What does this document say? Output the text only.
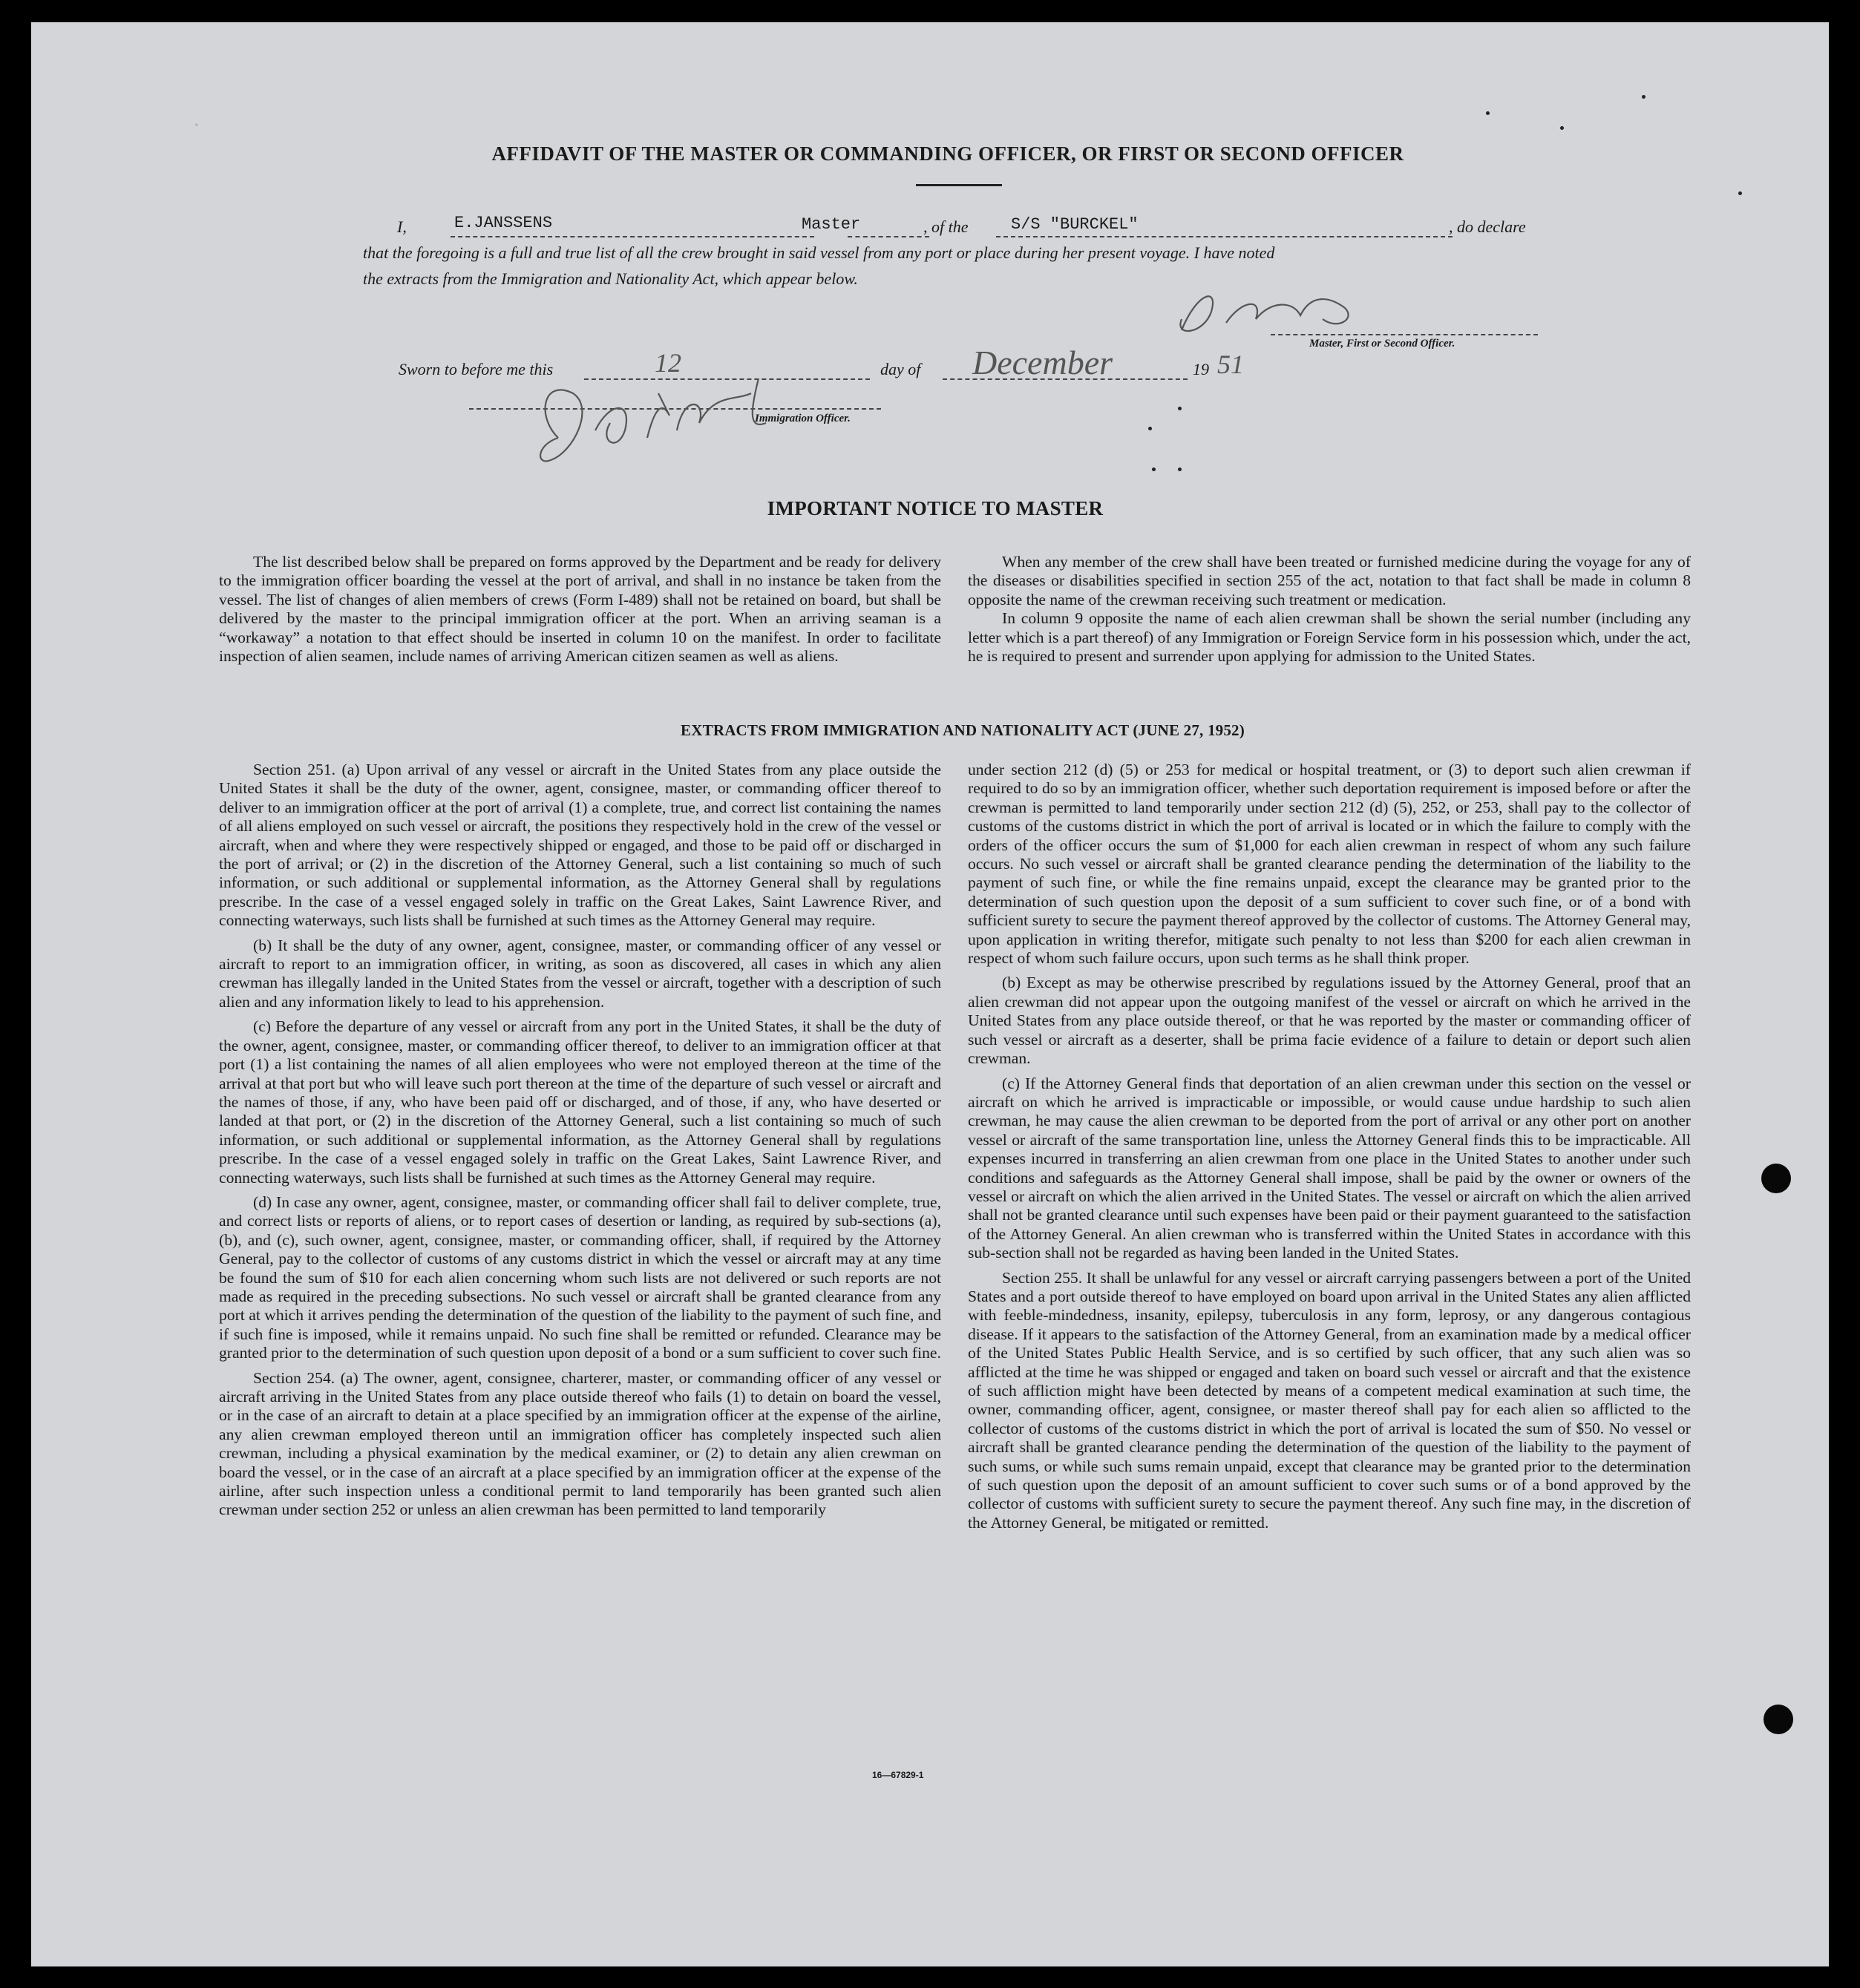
.
AFFIDAVIT OF THE MASTER OR COMMANDING OFFICER, OR FIRST OR SECOND OFFICER
I,	E.JANSSENS	Master	, of the	S/S "BURCKEL"	, do declare
that the foregoing is a full and true list of all the crew brought in said vessel from any port or place during her present voyage. I have noted
the extracts from the Immigration and Nationality Act, which appear below.
Master, First or Second Officer.
Sworn to before me this	12	day of December	19 51
Immigration Officer.
IMPORTANT NOTICE TO MASTER

The list described below shall be prepared on forms approved by the Department and be ready for delivery to the immigration officer boarding the vessel at the port of arrival, and shall in no instance be taken from the vessel. The list of changes of alien members of crews (Form I-489) shall not be retained on board, but shall be delivered by the master to the principal immigration officer at the port. When an arriving seaman is a “workaway” a notation to that effect should be inserted in column 10 on the manifest. In order to facilitate inspection of alien seamen, include names of arriving American citizen seamen as well as aliens.

When any member of the crew shall have been treated or furnished medicine during the voyage for any of the diseases or disabilities specified in section 255 of the act, notation to that fact shall be made in column 8 opposite the name of the crewman receiving such treatment or medication.

In column 9 opposite the name of each alien crewman shall be shown the serial number (including any letter which is a part thereof) of any Immigration or Foreign Service form in his possession which, under the act, he is required to present and surrender upon applying for admission to the United States.

EXTRACTS FROM IMMIGRATION AND NATIONALITY ACT (JUNE 27, 1952)

Section 251. (a) Upon arrival of any vessel or aircraft in the United States from any place outside the United States it shall be the duty of the owner, agent, consignee, master, or commanding officer thereof to deliver to an immigration officer at the port of arrival (1) a complete, true, and correct list containing the names of all aliens employed on such vessel or aircraft, the positions they respectively hold in the crew of the vessel or aircraft, when and where they were respectively shipped or engaged, and those to be paid off or discharged in the port of arrival; or (2) in the discretion of the Attorney General, such a list containing so much of such information, or such additional or supplemental information, as the Attorney General shall by regulations prescribe. In the case of a vessel engaged solely in traffic on the Great Lakes, Saint Lawrence River, and connecting waterways, such lists shall be furnished at such times as the Attorney General may require.

(b) It shall be the duty of any owner, agent, consignee, master, or commanding officer of any vessel or aircraft to report to an immigration officer, in writing, as soon as discovered, all cases in which any alien crewman has illegally landed in the United States from the vessel or aircraft, together with a description of such alien and any information likely to lead to his apprehension.

(c) Before the departure of any vessel or aircraft from any port in the United States, it shall be the duty of the owner, agent, consignee, master, or commanding officer thereof, to deliver to an immigration officer at that port (1) a list containing the names of all alien employees who were not employed thereon at the time of the arrival at that port but who will leave such port thereon at the time of the departure of such vessel or aircraft and the names of those, if any, who have been paid off or discharged, and of those, if any, who have deserted or landed at that port, or (2) in the discretion of the Attorney General, such a list containing so much of such information, or such additional or supplemental information, as the Attorney General shall by regulations prescribe. In the case of a vessel engaged solely in traffic on the Great Lakes, Saint Lawrence River, and connecting waterways, such lists shall be furnished at such times as the Attorney General may require.

(d) In case any owner, agent, consignee, master, or commanding officer shall fail to deliver complete, true, and correct lists or reports of aliens, or to report cases of desertion or landing, as required by sub-sections (a), (b), and (c), such owner, agent, consignee, master, or commanding officer, shall, if required by the Attorney General, pay to the collector of customs of any customs district in which the vessel or aircraft may at any time be found the sum of $10 for each alien concerning whom such lists are not delivered or such reports are not made as required in the preceding subsections. No such vessel or aircraft shall be granted clearance from any port at which it arrives pending the determination of the question of the liability to the payment of such fine, and if such fine is imposed, while it remains unpaid. No such fine shall be remitted or refunded. Clearance may be granted prior to the determination of such question upon deposit of a bond or a sum sufficient to cover such fine.

Section 254. (a) The owner, agent, consignee, charterer, master, or commanding officer of any vessel or aircraft arriving in the United States from any place outside thereof who fails (1) to detain on board the vessel, or in the case of an aircraft to detain at a place specified by an immigration officer at the expense of the airline, any alien crewman employed thereon until an immigration officer has completely inspected such alien crewman, including a physical examination by the medical examiner, or (2) to detain any alien crewman on board the vessel, or in the case of an aircraft at a place specified by an immigration officer at the expense of the airline, after such inspection unless a conditional permit to land temporarily has been granted such alien crewman under section 252 or unless an alien crewman has been permitted to land temporarily

under section 212 (d) (5) or 253 for medical or hospital treatment, or (3) to deport such alien crewman if required to do so by an immigration officer, whether such deportation requirement is imposed before or after the crewman is permitted to land temporarily under section 212 (d) (5), 252, or 253, shall pay to the collector of customs of the customs district in which the port of arrival is located or in which the failure to comply with the orders of the officer occurs the sum of $1,000 for each alien crewman in respect of whom any such failure occurs. No such vessel or aircraft shall be granted clearance pending the determination of the liability to the payment of such fine, or while the fine remains unpaid, except the clearance may be granted prior to the determination of such question upon the deposit of a sum sufficient to cover such fine, or of a bond with sufficient surety to secure the payment thereof approved by the collector of customs. The Attorney General may, upon application in writing therefor, mitigate such penalty to not less than $200 for each alien crewman in respect of whom such failure occurs, upon such terms as he shall think proper.

(b) Except as may be otherwise prescribed by regulations issued by the Attorney General, proof that an alien crewman did not appear upon the outgoing manifest of the vessel or aircraft on which he arrived in the United States from any place outside thereof, or that he was reported by the master or commanding officer of such vessel or aircraft as a deserter, shall be prima facie evidence of a failure to detain or deport such alien crewman.

(c) If the Attorney General finds that deportation of an alien crewman under this section on the vessel or aircraft on which he arrived is impracticable or impossible, or would cause undue hardship to such alien crewman, he may cause the alien crewman to be deported from the port of arrival or any other port on another vessel or aircraft of the same transportation line, unless the Attorney General finds this to be impracticable. All expenses incurred in transferring an alien crewman from one place in the United States to another under such conditions and safeguards as the Attorney General shall impose, shall be paid by the owner or owners of the vessel or aircraft on which the alien arrived in the United States. The vessel or aircraft on which the alien arrived shall not be granted clearance until such expenses have been paid or their payment guaranteed to the satisfaction of the Attorney General. An alien crewman who is transferred within the United States in accordance with this sub-section shall not be regarded as having been landed in the United States.

Section 255. It shall be unlawful for any vessel or aircraft carrying passengers between a port of the United States and a port outside thereof to have employed on board upon arrival in the United States any alien afflicted with feeble-mindedness, insanity, epilepsy, tuberculosis in any form, leprosy, or any dangerous contagious disease. If it appears to the satisfaction of the Attorney General, from an examination made by a medical officer of the United States Public Health Service, and is so certified by such officer, that any such alien was so afflicted at the time he was shipped or engaged and taken on board such vessel or aircraft and that the existence of such affliction might have been detected by means of a competent medical examination at such time, the owner, commanding officer, agent, consignee, or master thereof shall pay for each alien so afflicted to the collector of customs of the customs district in which the port of arrival is located the sum of $50. No vessel or aircraft shall be granted clearance pending the determination of the question of the liability to the payment of such sums, or while such sums remain unpaid, except that clearance may be granted prior to the determination of such question upon the deposit of an amount sufficient to cover such sums or of a bond approved by the collector of customs with sufficient surety to secure the payment thereof. Any such fine may, in the discretion of the Attorney General, be mitigated or remitted.

16—67829-1
